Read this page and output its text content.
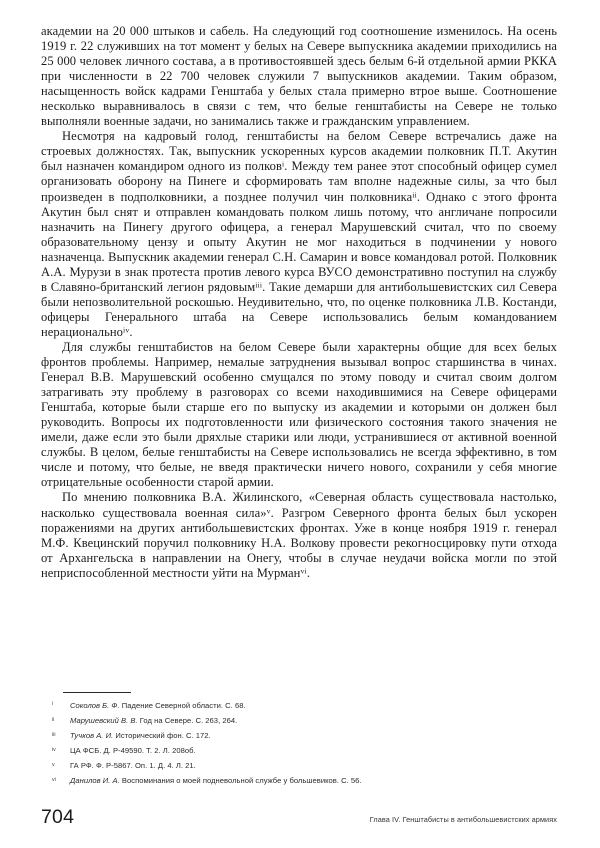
академии на 20 000 штыков и сабель. На следующий год соотношение изменилось. На осень 1919 г. 22 служивших на тот момент у белых на Севере выпускника академии приходились на 25 000 человек личного состава, а в противостоявшей здесь белым 6-й отдельной армии РККА при численности в 22 700 человек служили 7 выпускников академии. Таким образом, насыщенность войск кадрами Генштаба у белых стала примерно втрое выше. Соотношение несколько выравнивалось в связи с тем, что белые генштабисты на Севере не только выполняли военные задачи, но занимались также и гражданским управлением.

Несмотря на кадровый голод, генштабисты на белом Севере встречались даже на строевых должностях. Так, выпускник ускоренных курсов академии полковник П.Т. Акутин был назначен командиром одного из полков$^i$. Между тем ранее этот способный офицер сумел организовать оборону на Пинеге и сформировать там вполне надежные силы, за что был произведен в подполковники, а позднее получил чин полковника$^{ii}$. Однако с этого фронта Акутин был снят и отправлен командовать полком лишь потому, что англичане попросили назначить на Пинегу другого офицера, а генерал Марушевский считал, что по своему образовательному цензу и опыту Акутин не мог находиться в подчинении у нового назначенца. Выпускник академии генерал С.Н. Самарин и вовсе командовал ротой. Полковник А.А. Мурузи в знак протеста против левого курса ВУСО демонстративно поступил на службу в Славяно-британский легион рядовым$^{iii}$. Такие демарши для антибольшевистских сил Севера были непозволительной роскошью. Неудивительно, что, по оценке полковника Л.В. Костанди, офицеры Генерального штаба на Севере использовались белым командованием нерационально$^{iv}$.

Для службы генштабистов на белом Севере были характерны общие для всех белых фронтов проблемы. Например, немалые затруднения вызывал вопрос старшинства в чинах. Генерал В.В. Марушевский особенно смущался по этому поводу и считал своим долгом затрагивать эту проблему в разговорах со всеми находившимися на Севере офицерами Генштаба, которые были старше его по выпуску из академии и которыми он должен был руководить. Вопросы их подготовленности или физического состояния такого значения не имели, даже если это были дряхлые старики или люди, устранившиеся от активной военной службы. В целом, белые генштабисты на Севере использовались не всегда эффективно, в том числе и потому, что белые, не введя практически ничего нового, сохранили у себя многие отрицательные особенности старой армии.

По мнению полковника В.А. Жилинского, «Северная область существовала настолько, насколько существовала военная сила»$^v$. Разгром Северного фронта белых был ускорен поражениями на других антибольшевистских фронтах. Уже в конце ноября 1919 г. генерал М.Ф. Квецинский поручил полковнику Н.А. Волкову провести рекогносцировку пути отхода от Архангельска в направлении на Онегу, чтобы в случае неудачи войска могли по этой неприспособленной местности уйти на Мурман$^{vi}$.

i	Соколов Б. Ф. Падение Северной области. С. 68.
ii	Марушевский В. В. Год на Севере. С. 263, 264.
iii	Тучков А. И. Исторический фон. С. 172.
iv	ЦА ФСБ. Д. Р-49590. Т. 2. Л. 208об.
v	ГА РФ. Ф. Р-5867. Оп. 1. Д. 4. Л. 21.
vi	Данилов И. А. Воспоминания о моей подневольной службе у большевиков. С. 56.
704	Глава IV. Генштабисты в антибольшевистских армиях
